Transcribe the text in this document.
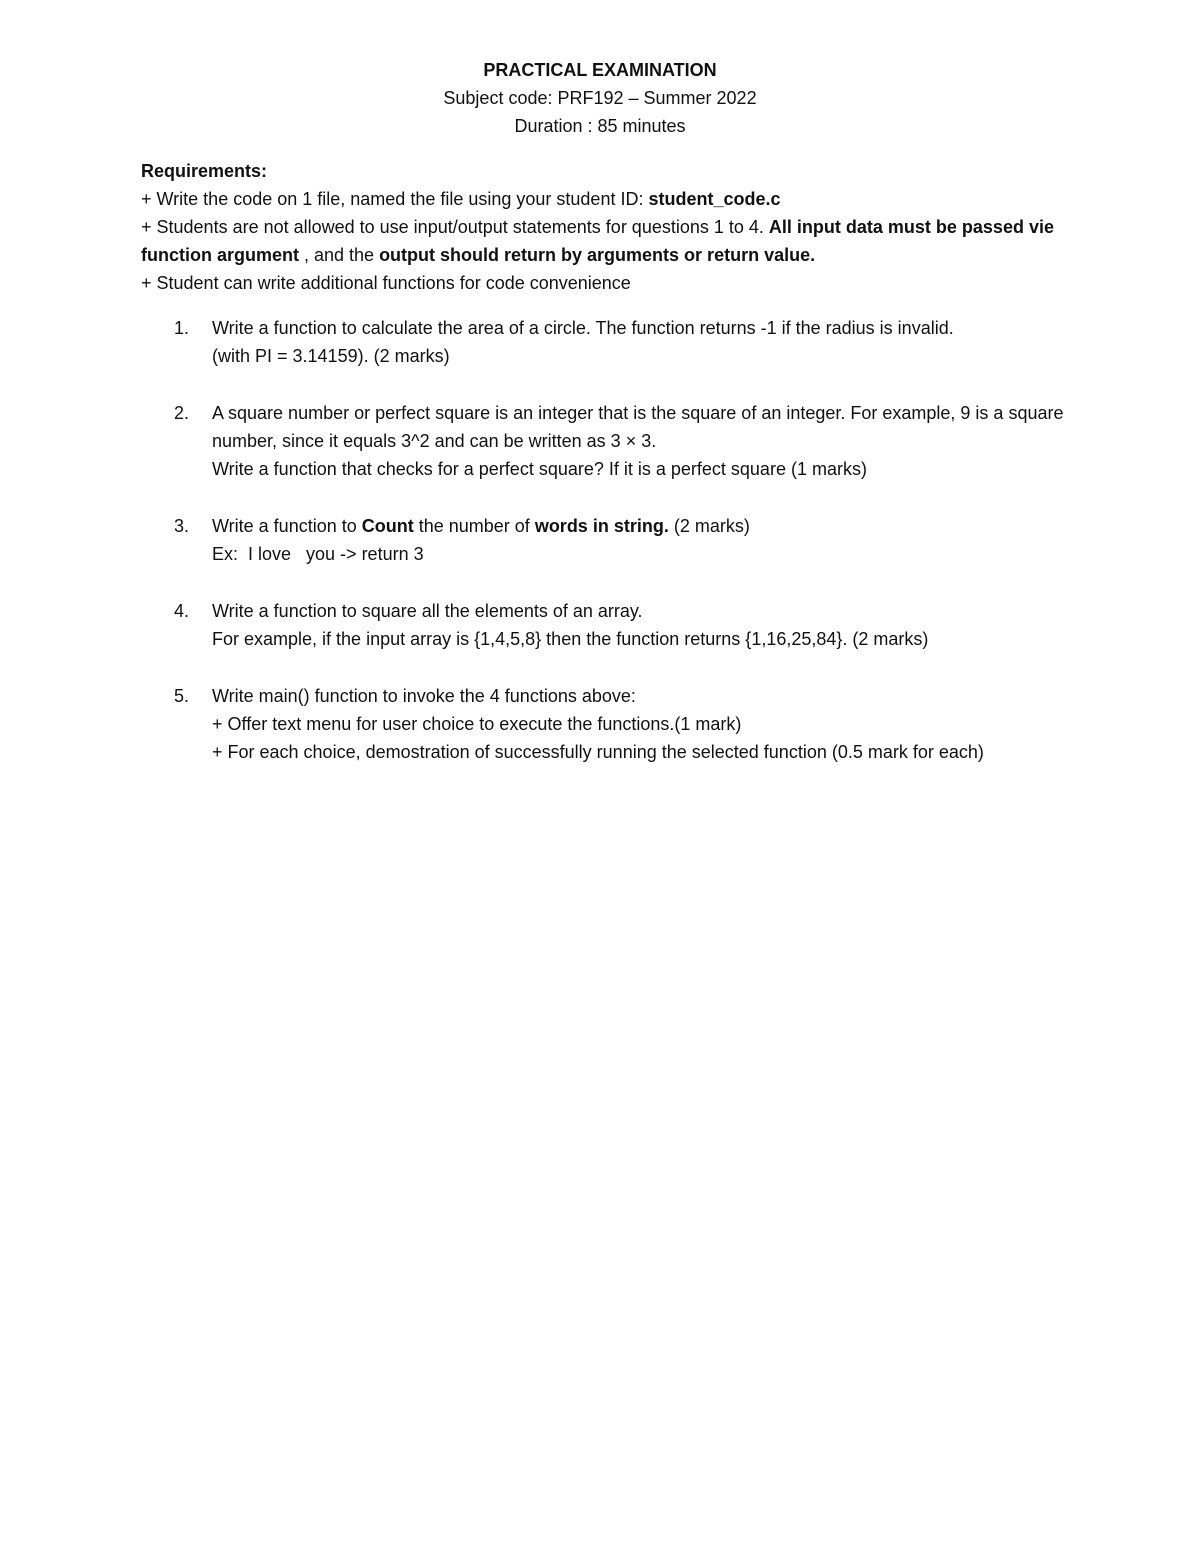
PRACTICAL EXAMINATION
Subject code: PRF192 – Summer 2022
Duration : 85 minutes
Requirements:
+ Write the code on 1 file, named the file using your student ID: student_code.c
+ Students are not allowed to use input/output statements for questions 1 to 4. All input data must be passed vie function argument , and the output should return by arguments or return value.
+ Student can write additional functions for code convenience
1. Write a function to calculate the area of a circle. The function returns -1 if the radius is invalid.
(with PI = 3.14159). (2 marks)
2. A square number or perfect square is an integer that is the square of an integer. For example, 9 is a square number, since it equals 3^2 and can be written as 3 × 3.
Write a function that checks for a perfect square? If it is a perfect square (1 marks)
3. Write a function to Count the number of words in string. (2 marks)
Ex:  I love   you -> return 3
4. Write a function to square all the elements of an array.
For example, if the input array is {1,4,5,8} then the function returns {1,16,25,84}. (2 marks)
5. Write main() function to invoke the 4 functions above:
+ Offer text menu for user choice to execute the functions.(1 mark)
+ For each choice, demostration of successfully running the selected function (0.5 mark for each)
